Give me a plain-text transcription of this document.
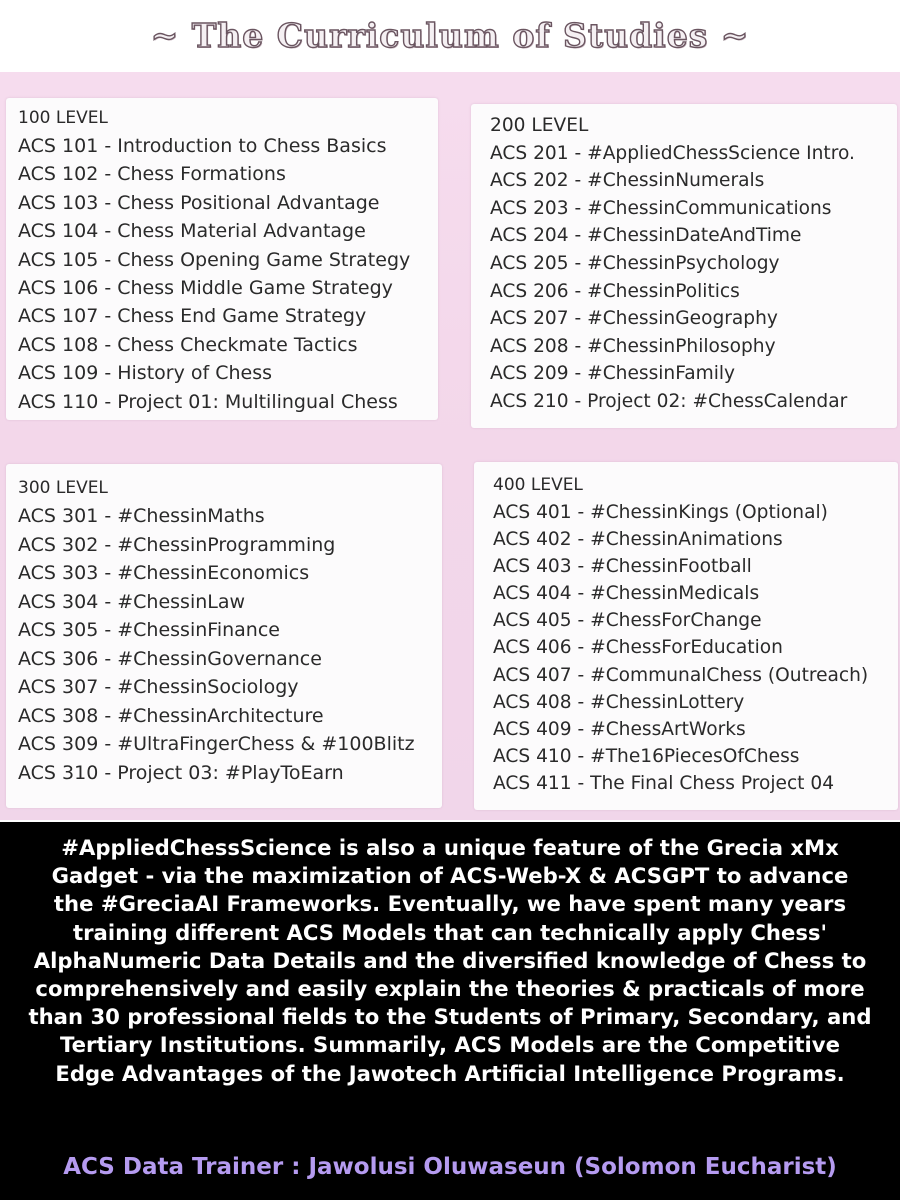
~ The Curriculum of Studies ~
100 LEVEL
ACS 101 - Introduction to Chess Basics
ACS 102 - Chess Formations
ACS 103 - Chess Positional Advantage
ACS 104 - Chess Material Advantage
ACS 105 - Chess Opening Game Strategy
ACS 106 - Chess Middle Game Strategy
ACS 107 - Chess End Game Strategy
ACS 108 - Chess Checkmate Tactics
ACS 109 - History of Chess
ACS 110 - Project 01: Multilingual Chess
200 LEVEL
ACS 201 - #AppliedChessScience Intro.
ACS 202 - #ChessinNumerals
ACS 203 - #ChessinCommunications
ACS 204 - #ChessinDateAndTime
ACS 205 - #ChessinPsychology
ACS 206 - #ChessinPolitics
ACS 207 - #ChessinGeography
ACS 208 - #ChessinPhilosophy
ACS 209 - #ChessinFamily
ACS 210 - Project 02: #ChessCalendar
300 LEVEL
ACS 301 - #ChessinMaths
ACS 302 - #ChessinProgramming
ACS 303 - #ChessinEconomics
ACS 304 - #ChessinLaw
ACS 305 - #ChessinFinance
ACS 306 - #ChessinGovernance
ACS 307 - #ChessinSociology
ACS 308 - #ChessinArchitecture
ACS 309 - #UltraFingerChess & #100Blitz
ACS 310 - Project 03: #PlayToEarn
400 LEVEL
ACS 401 - #ChessinKings (Optional)
ACS 402 - #ChessinAnimations
ACS 403 - #ChessinFootball
ACS 404 - #ChessinMedicals
ACS 405 - #ChessForChange
ACS 406 - #ChessForEducation
ACS 407 - #CommunalChess (Outreach)
ACS 408 - #ChessinLottery
ACS 409 - #ChessArtWorks
ACS 410 - #The16PiecesOfChess
ACS 411 - The Final Chess Project 04
#AppliedChessScience is also a unique feature of the Grecia xMx
Gadget - via the maximization of ACS-Web-X & ACSGPT to advance
the #GreciaAI Frameworks. Eventually, we have spent many years
training different ACS Models that can technically apply Chess'
AlphaNumeric Data Details and the diversified knowledge of Chess to
comprehensively and easily explain the theories & practicals of more
than 30 professional fields to the Students of Primary, Secondary, and
Tertiary Institutions. Summarily, ACS Models are the Competitive
Edge Advantages of the Jawotech Artificial Intelligence Programs.
ACS Data Trainer : Jawolusi Oluwaseun (Solomon Eucharist)
